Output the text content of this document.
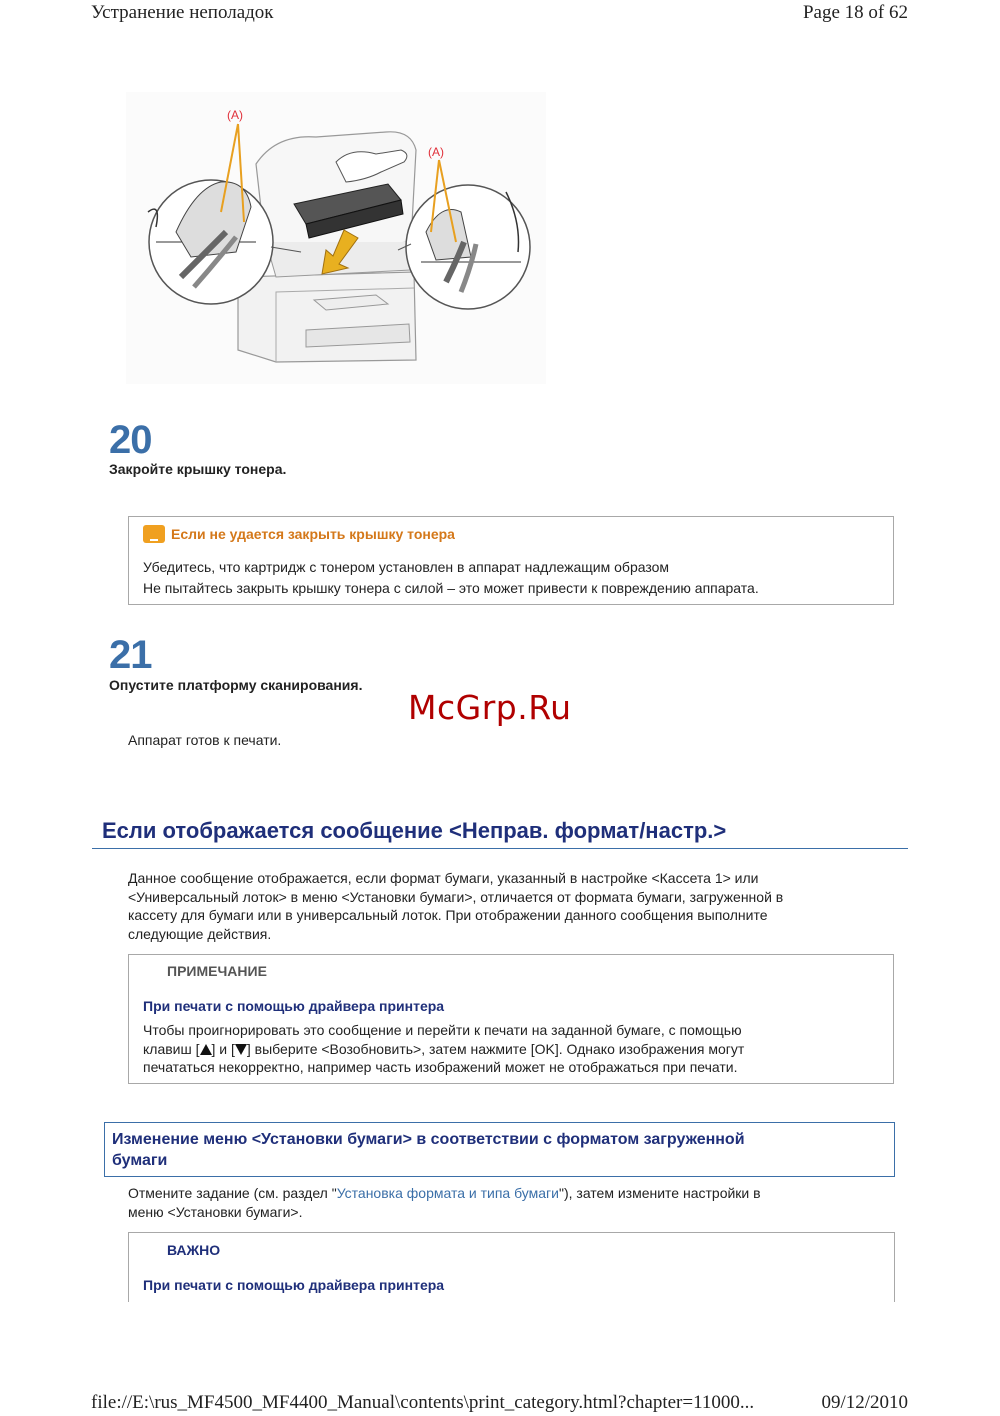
Устранение неполадок	Page 18 of 62
(A)
(A)
20
Закройте крышку тонера.
Если не удается закрыть крышку тонера
Убедитесь, что картридж с тонером установлен в аппарат надлежащим образом
Не пытайтесь закрыть крышку тонера с силой – это может привести к повреждению аппарата.
21
Опустите платформу сканирования.
McGrp.Ru
Аппарат готов к печати.
Если отображается сообщение <Неправ. формат/настр.>
Данное сообщение отображается, если формат бумаги, указанный в настройке <Кассета 1> или
<Универсальный лоток> в меню <Установки бумаги>, отличается от формата бумаги, загруженной в
кассету для бумаги или в универсальный лоток. При отображении данного сообщения выполните
следующие действия.
ПРИМЕЧАНИЕ
При печати с помощью драйвера принтера
Чтобы проигнорировать это сообщение и перейти к печати на заданной бумаге, с помощью
клавиш [ ] и [ ] выберите <Возобновить>, затем нажмите [OK]. Однако изображения могут
печататься некорректно, например часть изображений может не отображаться при печати.
Изменение меню <Установки бумаги> в соответствии с форматом загруженной
бумаги
Отмените задание (см. раздел "Установка формата и типа бумаги"), затем измените настройки в
меню <Установки бумаги>.
ВАЖНО
При печати с помощью драйвера принтера
file://E:\rus_MF4500_MF4400_Manual\contents\print_category.html?chapter=11000...	09/12/2010
